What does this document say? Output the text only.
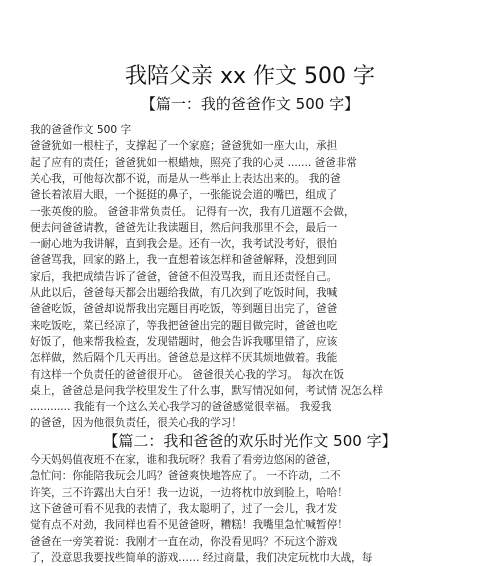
我陪父亲 xx 作文 500 字
【篇一：我的爸爸作文 500 字】
我的爸爸作文 500 字
爸爸犹如一根柱子，支撑起了一个家庭；爸爸犹如一座大山，承担
起了应有的责任；爸爸犹如一根蜡烛，照亮了我的心灵 ....... 爸爸非常
关心我，可他每次都不说，而是从一些举止上表达出来的。 我的爸
爸长着浓眉大眼，一个挺挺的鼻子，一张能说会道的嘴巴，组成了
一张英俊的脸。 爸爸非常负责任。 记得有一次，我有几道题不会做，
便去问爸爸请教，爸爸先让我读题目，然后问我那里不会，最后一
一耐心地为我讲解，直到我会是。还有一次，我考试没考好，很怕
爸爸骂我，回家的路上，我一直想着该怎样和爸爸解释，没想到回
家后，我把成绩告诉了爸爸，爸爸不但没骂我，而且还责怪自己。
从此以后，爸爸每天都会出题给我做，有几次到了吃饭时间，我喊
爸爸吃饭，爸爸却说帮我出完题目再吃饭，等到题目出完了，爸爸
来吃饭吃，菜已经凉了，等我把爸爸出完的题目做完时，爸爸也吃
好饭了，他来帮我检查，发现错题时，他会告诉我哪里错了，应该
怎样做，然后隔个几天再出。爸爸总是这样不厌其烦地做着。我能
有这样一个负责任的爸爸很开心。 爸爸很关心我的学习。 每次在饭
桌上，爸爸总是问我学校里发生了什么事，默写情况如何，考试情 况怎么样
............ 我能有一个这么关心我学习的爸爸感觉很幸福。 我爱我
的爸爸，因为他很负责任，很关心我的学习！
【篇二：我和爸爸的欢乐时光作文 500 字】
今天妈妈值夜班不在家，谁和我玩呀？我看了看旁边悠闲的爸爸，
急忙问：你能陪我玩会儿吗？爸爸爽快地答应了。 一不许动，二不
许笑，三不许露出大白牙！我一边说，一边将枕巾放到脸上，哈哈！
这下爸爸可看不见我的表情了，我太聪明了，过了一会儿，我才发
觉有点不对劲，我同样也看不见爸爸呀，糟糕！我嘴里急忙喊暂停！
爸爸在一旁笑着说：我刚才一直在动，你没看见吗？不玩这个游戏
了，没意思我要找些简单的游戏…… 经过商量，我们决定玩枕巾大战，每
